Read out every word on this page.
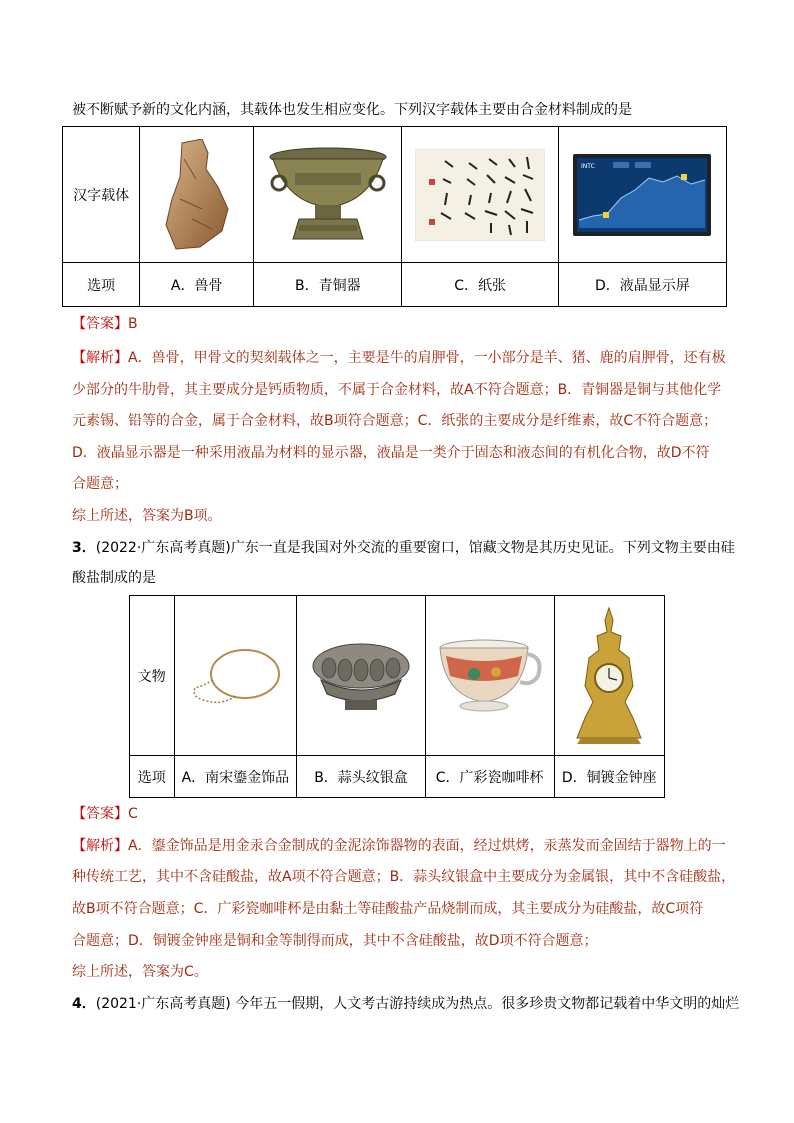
被不断赋予新的文化内涵，其载体也发生相应变化。下列汉字载体主要由合金材料制成的是
汉字载体				INTC

选项	A．兽骨	B．青铜器	C．纸张	D．液晶显示屏
【答案】B
【解析】A．兽骨，甲骨文的契刻载体之一，主要是牛的肩胛骨，一小部分是羊、猪、鹿的肩胛骨，还有极
少部分的牛肋骨，其主要成分是钙质物质，不属于合金材料，故A不符合题意；B．青铜器是铜与其他化学
元素锡、铅等的合金，属于合金材料，故B项符合题意；C．纸张的主要成分是纤维素，故C不符合题意；
D．液晶显示器是一种采用液晶为材料的显示器，液晶是一类介于固态和液态间的有机化合物，故D不符
合题意；
综上所述，答案为B项。
3．(2022·广东高考真题)广东一直是我国对外交流的重要窗口，馆藏文物是其历史见证。下列文物主要由硅
酸盐制成的是
文物	

选项	A．南宋鎏金饰品	B．蒜头纹银盒	C．广彩瓷咖啡杯	D．铜镀金钟座
【答案】C
【解析】A．鎏金饰品是用金汞合金制成的金泥涂饰器物的表面，经过烘烤，汞蒸发而金固结于器物上的一
种传统工艺，其中不含硅酸盐，故A项不符合题意；B．蒜头纹银盒中主要成分为金属银，其中不含硅酸盐，
故B项不符合题意；C．广彩瓷咖啡杯是由黏土等硅酸盐产品烧制而成，其主要成分为硅酸盐，故C项符
合题意；D．铜镀金钟座是铜和金等制得而成，其中不含硅酸盐，故D项不符合题意；
综上所述，答案为C。
4．(2021·广东高考真题) 今年五一假期，人文考古游持续成为热点。很多珍贵文物都记载着中华文明的灿烂
